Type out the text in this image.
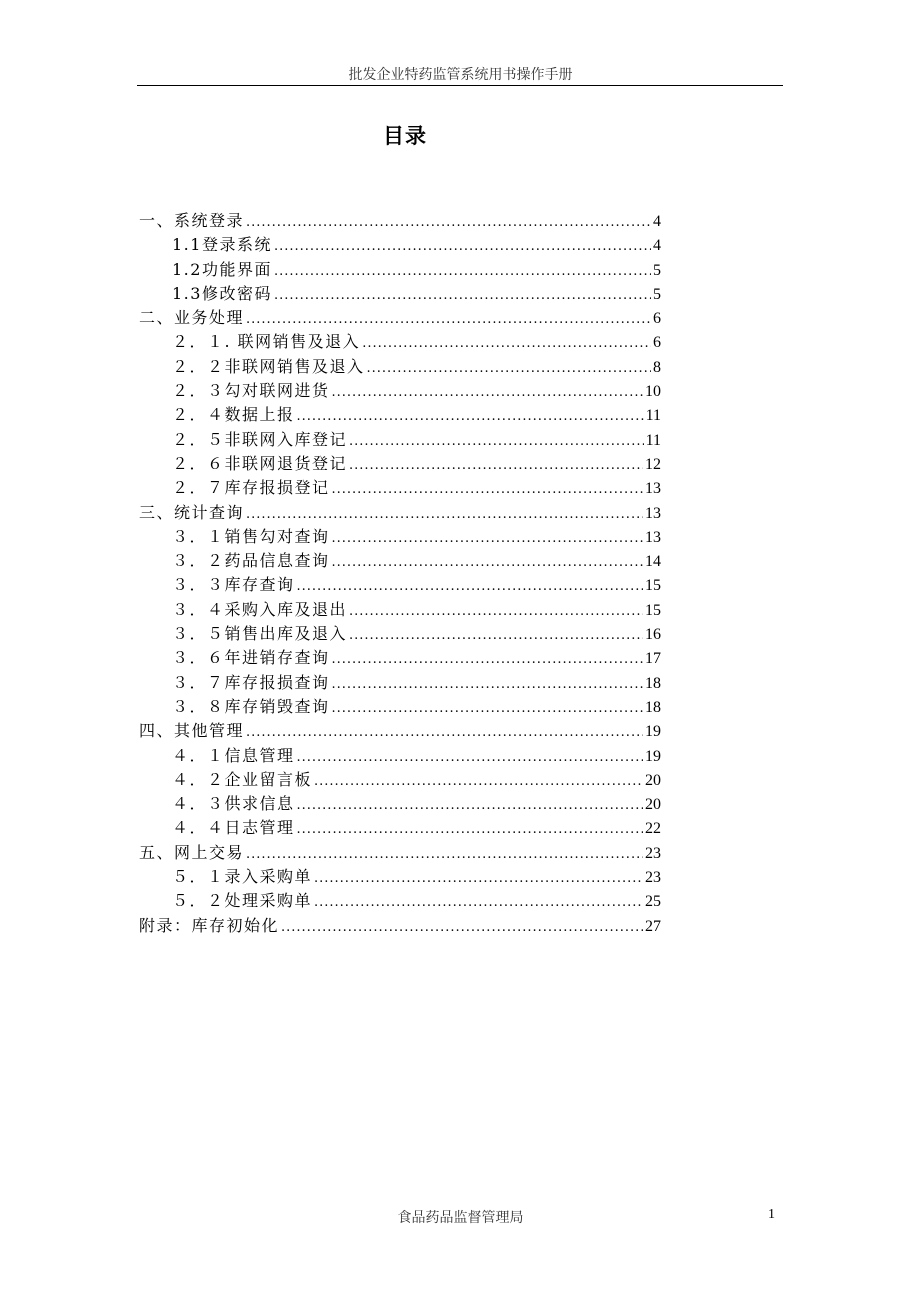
批发企业特药监管系统用书操作手册
目录
一、系统登录 .....	4
1.1登录系统 .....	4
1.2功能界面 .....	5
1.3修改密码 .....	5
二、业务处理 .....	6
２．１. 联网销售及退入 .....	6
２．２非联网销售及退入 .....	8
２．３勾对联网进货 .....	10
２．４数据上报 .....	11
２．５非联网入库登记 .....	11
２．６非联网退货登记 .....	12
２．７库存报损登记 .....	13
三、统计查询 .....	13
３．１销售勾对查询 .....	13
３．２药品信息查询 .....	14
３．３库存查询 .....	15
３．４采购入库及退出 .....	15
３．５销售出库及退入 .....	16
３．６年进销存查询 .....	17
３．７库存报损查询 .....	18
３．８库存销毁查询 .....	18
四、其他管理 .....	19
４．１信息管理 .....	19
４．２企业留言板 .....	20
４．３供求信息 .....	20
４．４日志管理 .....	22
五、网上交易 .....	23
５．１录入采购单 .....	23
５．２处理采购单 .....	25
附录：库存初始化 .....	27
食品药品监督管理局	1
